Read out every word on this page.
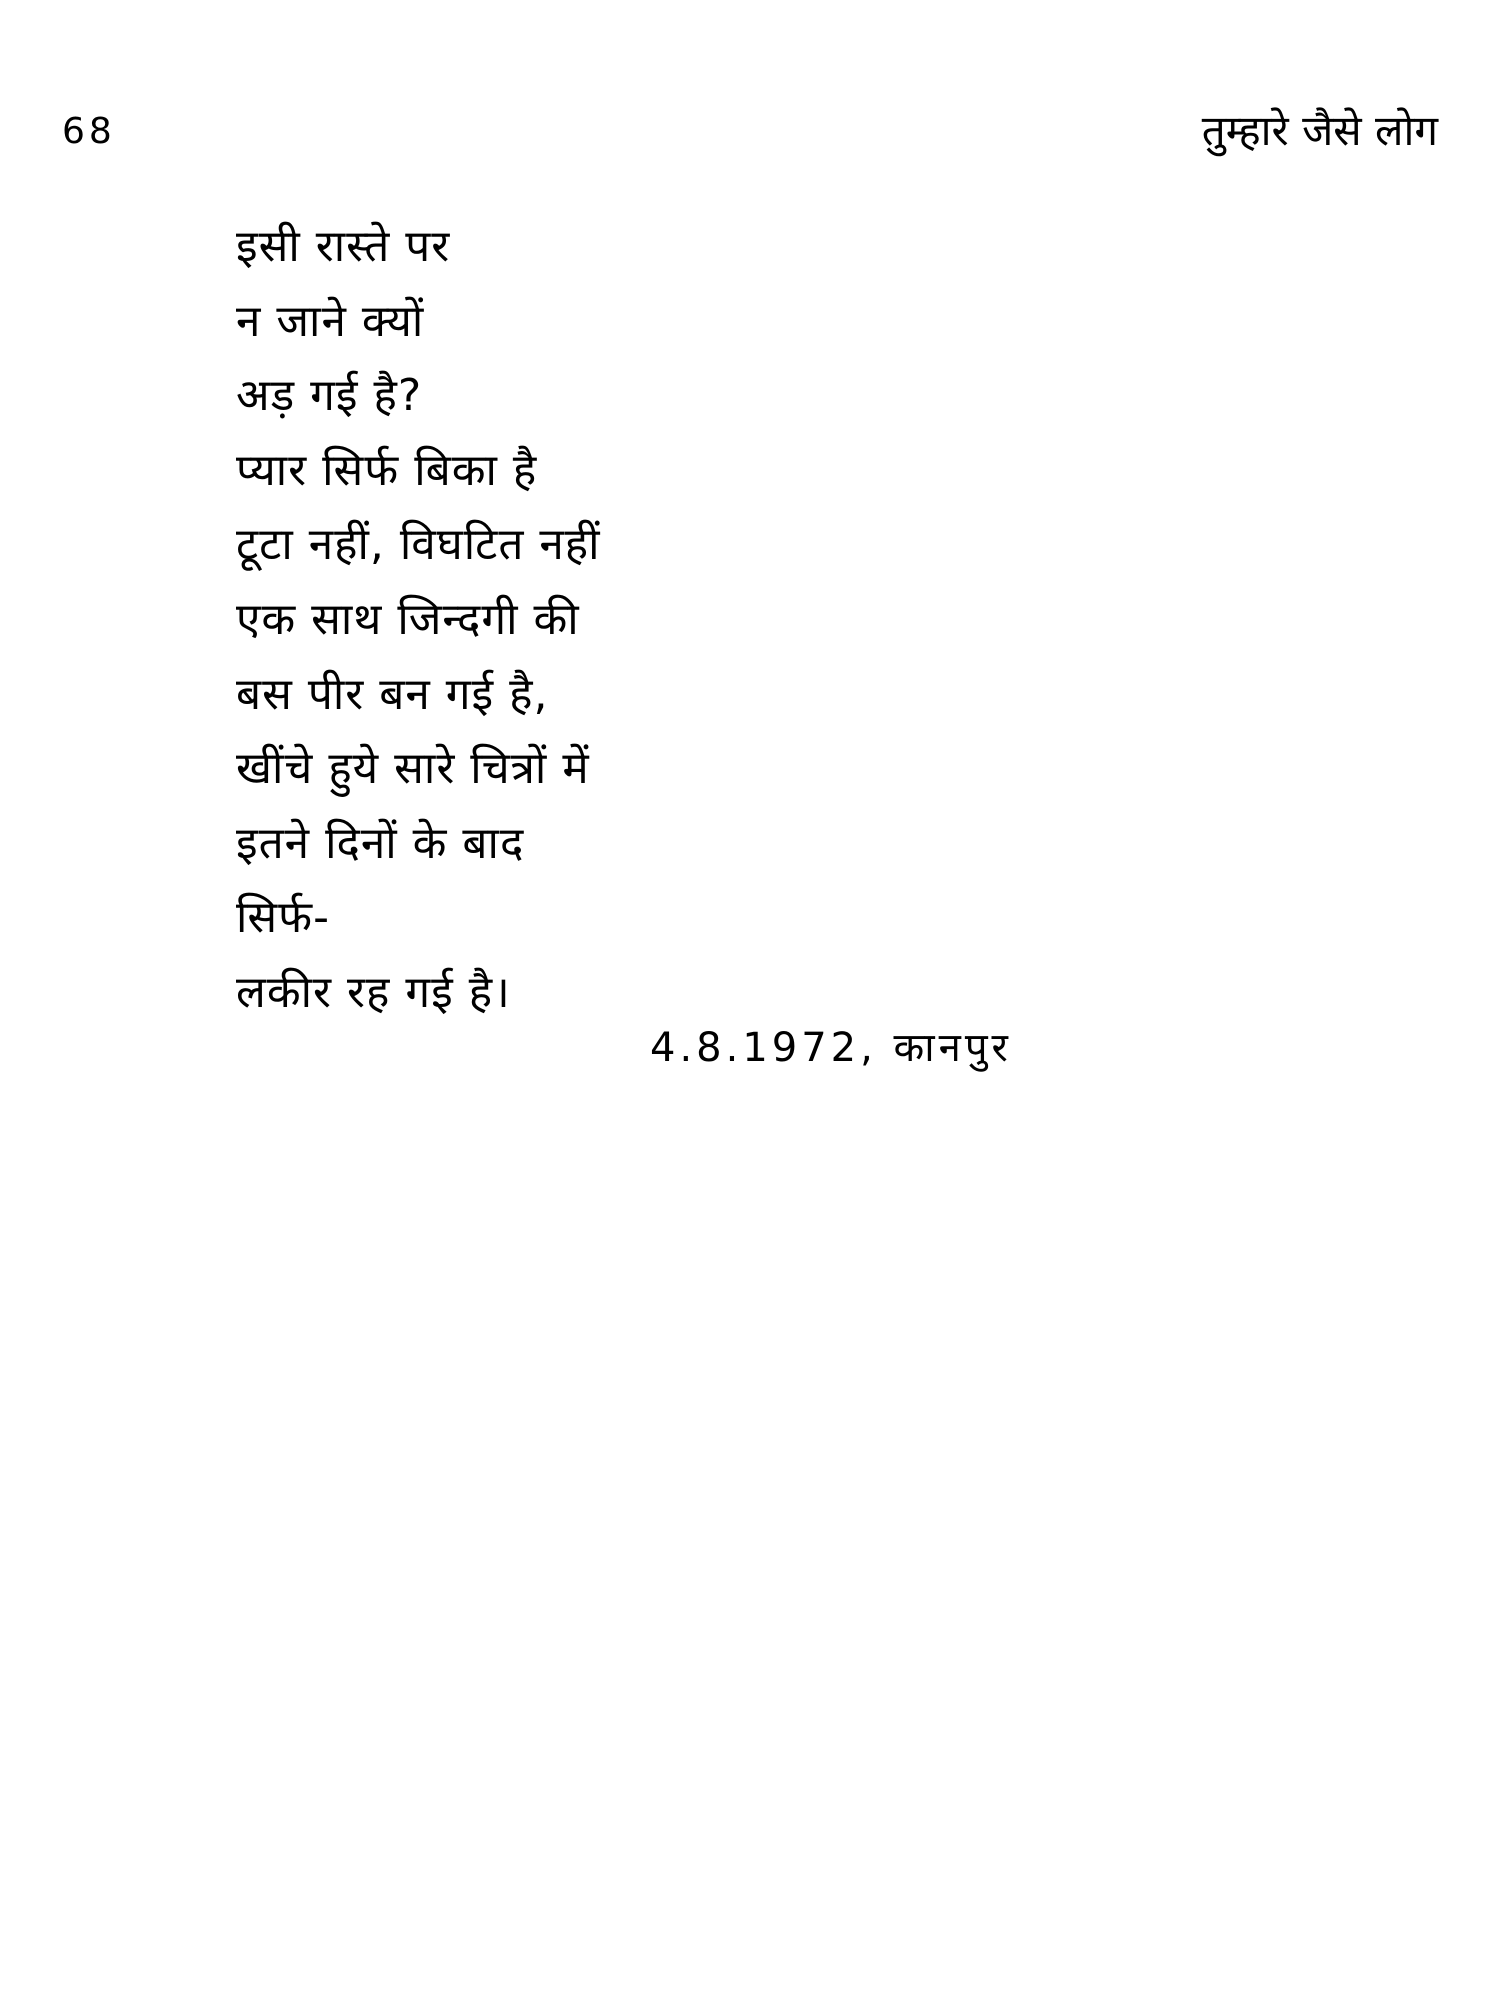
68	तुम्हारे जैसे लोग
इसी रास्ते पर
न जाने क्यों
अड़ गई है?
प्यार सिर्फ बिका है
टूटा नहीं, विघटित नहीं
एक साथ जिन्दगी की
बस पीर बन गई है,
खींचे हुये सारे चित्रों में
इतने दिनों के बाद
सिर्फ-
लकीर रह गई है।
4.8.1972, कानपुर
